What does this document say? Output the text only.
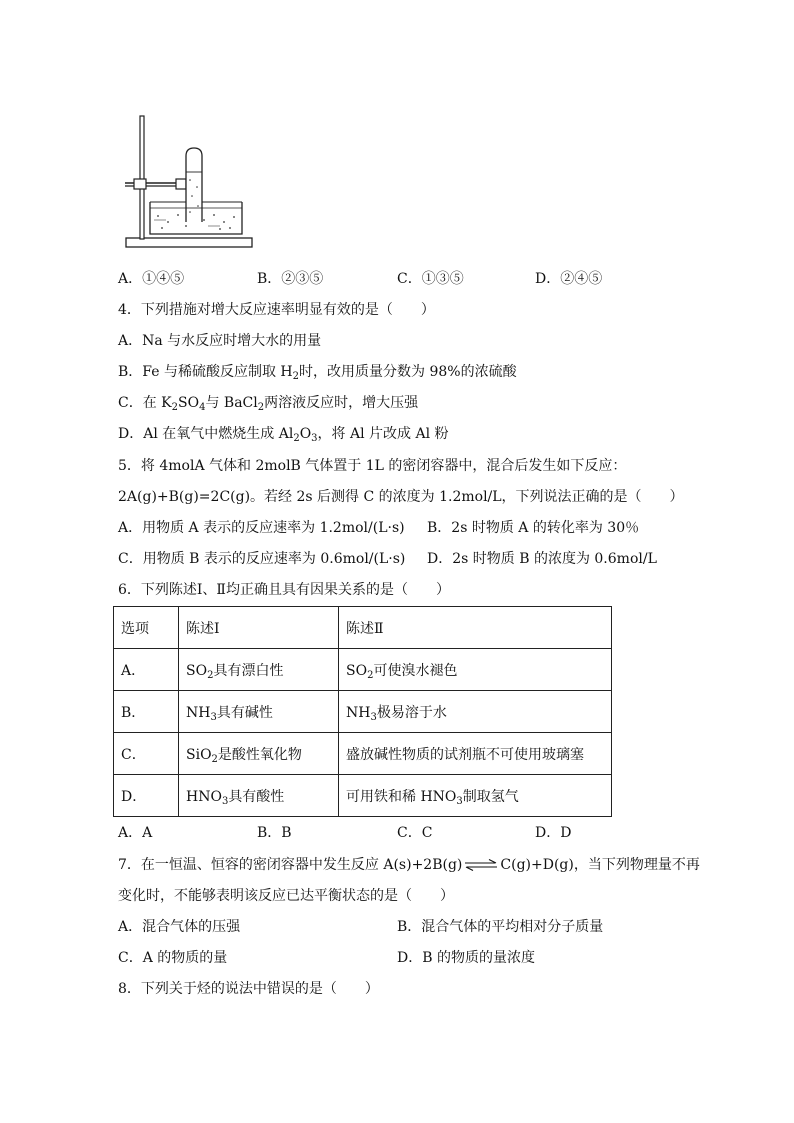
A．①④⑤	B．②③⑤	C．①③⑤	D．②④⑤
4．下列措施对增大反应速率明显有效的是（　　）
A．Na 与水反应时增大水的用量
B．Fe 与稀硫酸反应制取 $H_2$时，改用质量分数为 98%的浓硫酸
C．在 $K_2SO_4$与 BaCl$_2$两溶液反应时，增大压强
D．Al 在氧气中燃烧生成 $Al_2O_3$，将 Al 片改成 Al 粉
5．将 4molA 气体和 2molB 气体置于 1L 的密闭容器中，混合后发生如下反应：
2A(g)+B(g)=2C(g)。若经 2s 后测得 C 的浓度为 1.2mol/L，下列说法正确的是（　　）
A．用物质 A 表示的反应速率为 1.2mol/(L·s) B．2s 时物质 A 的转化率为 30％
C．用物质 B 表示的反应速率为 0.6mol/(L·s) D．2s 时物质 B 的浓度为 0.6mol/L
6．下列陈述Ⅰ、Ⅱ均正确且具有因果关系的是（　　）
选项	陈述Ⅰ	陈述Ⅱ
A．	$SO_2$具有漂白性	$SO_2$可使溴水褪色
B．	$NH_3$具有碱性	$NH_3$极易溶于水
C．	SiO$_2$是酸性氧化物	盛放碱性物质的试剂瓶不可使用玻璃塞
D．	$HNO_3$具有酸性	可用铁和稀 $HNO_3$制取氢气
A．A	B．B	C．C	D．D
7．在一恒温、恒容的密闭容器中发生反应 A(s)+2B(g) ⇌ C(g)+D(g)，当下列物理量不再
变化时，不能够表明该反应已达平衡状态的是（　　）
A．混合气体的压强	B．混合气体的平均相对分子质量
C．A 的物质的量	D．B 的物质的量浓度
8．下列关于烃的说法中错误的是（　　）
